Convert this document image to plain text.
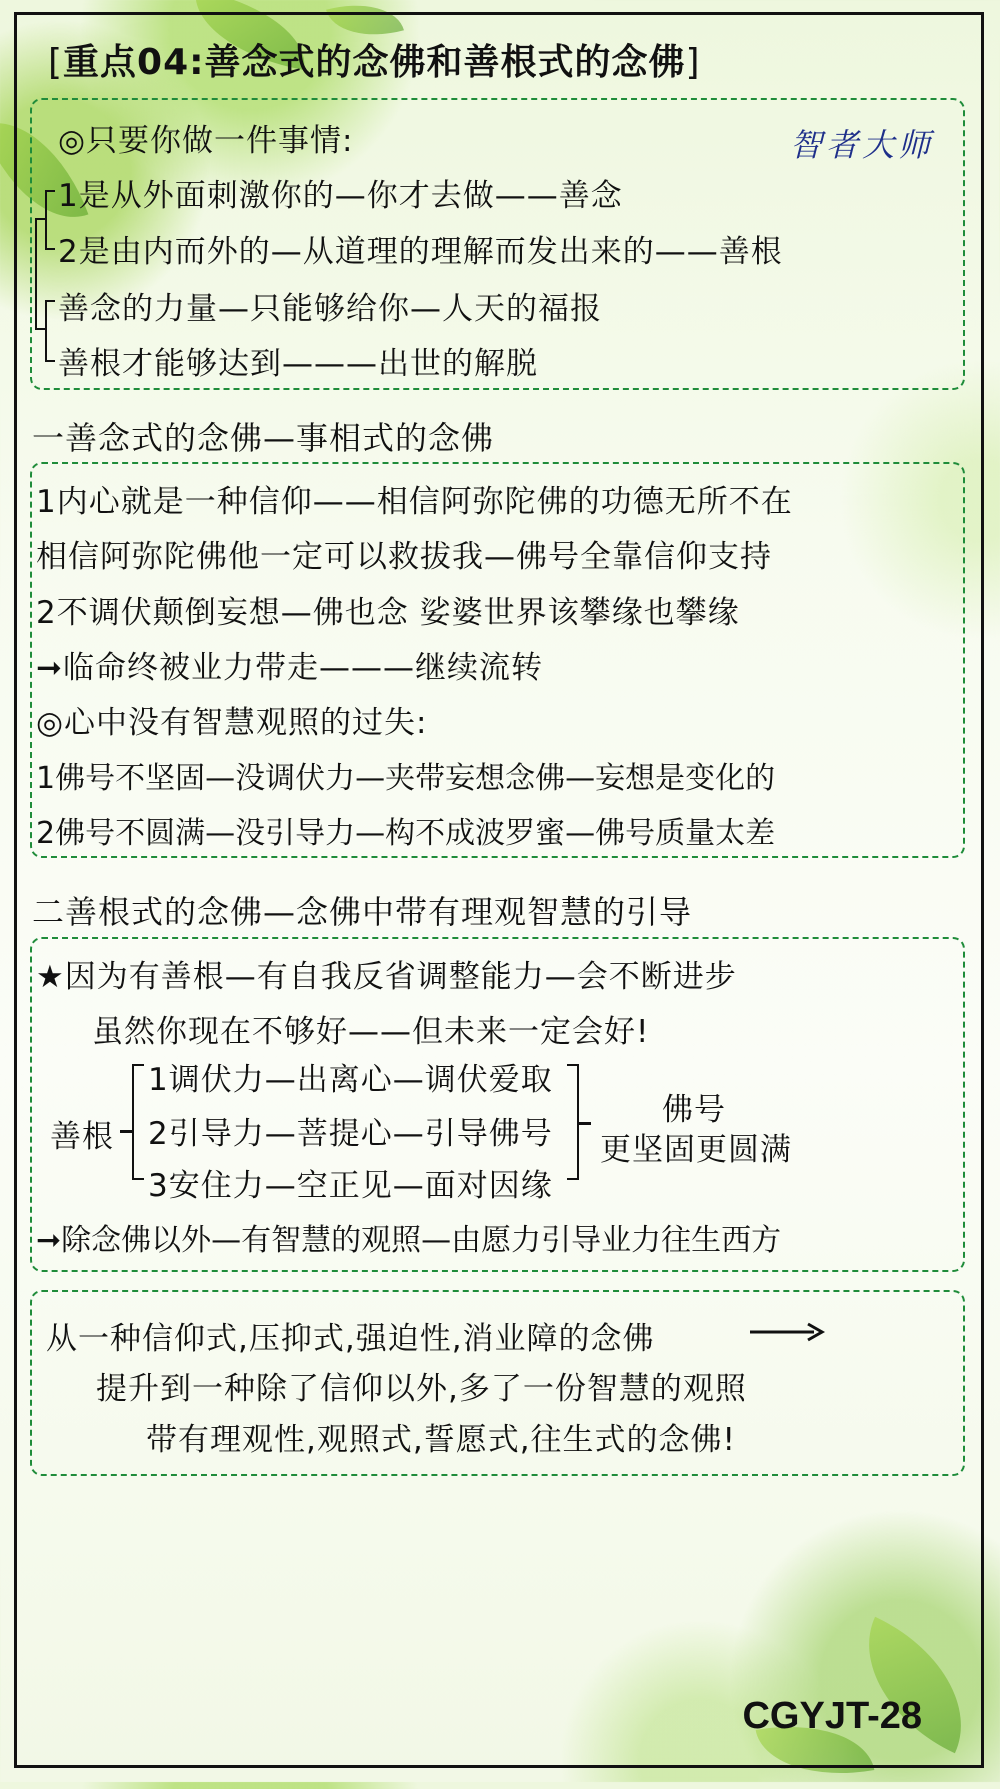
[重点04:善念式的念佛和善根式的念佛]
智者大师
◎只要你做一件事情:
1是从外面刺激你的—你才去做——善念
2是由内而外的—从道理的理解而发出来的——善根
善念的力量—只能够给你—人天的福报
善根才能够达到———出世的解脱
一善念式的念佛—事相式的念佛
1内心就是一种信仰——相信阿弥陀佛的功德无所不在
相信阿弥陀佛他一定可以救拔我—佛号全靠信仰支持
2不调伏颠倒妄想—佛也念 娑婆世界该攀缘也攀缘
➞临命终被业力带走———继续流转
◎心中没有智慧观照的过失:
1佛号不坚固—没调伏力—夹带妄想念佛—妄想是变化的
2佛号不圆满—没引导力—构不成波罗蜜—佛号质量太差
二善根式的念佛—念佛中带有理观智慧的引导
★因为有善根—有自我反省调整能力—会不断进步
虽然你现在不够好——但未来一定会好!
善根
1调伏力—出离心—调伏爱取
2引导力—菩提心—引导佛号
3安住力—空正见—面对因缘
佛号
更坚固更圆满
➞除念佛以外—有智慧的观照—由愿力引导业力往生西方
从一种信仰式,压抑式,强迫性,消业障的念佛
提升到一种除了信仰以外,多了一份智慧的观照
带有理观性,观照式,誓愿式,往生式的念佛!
CGYJT-28
